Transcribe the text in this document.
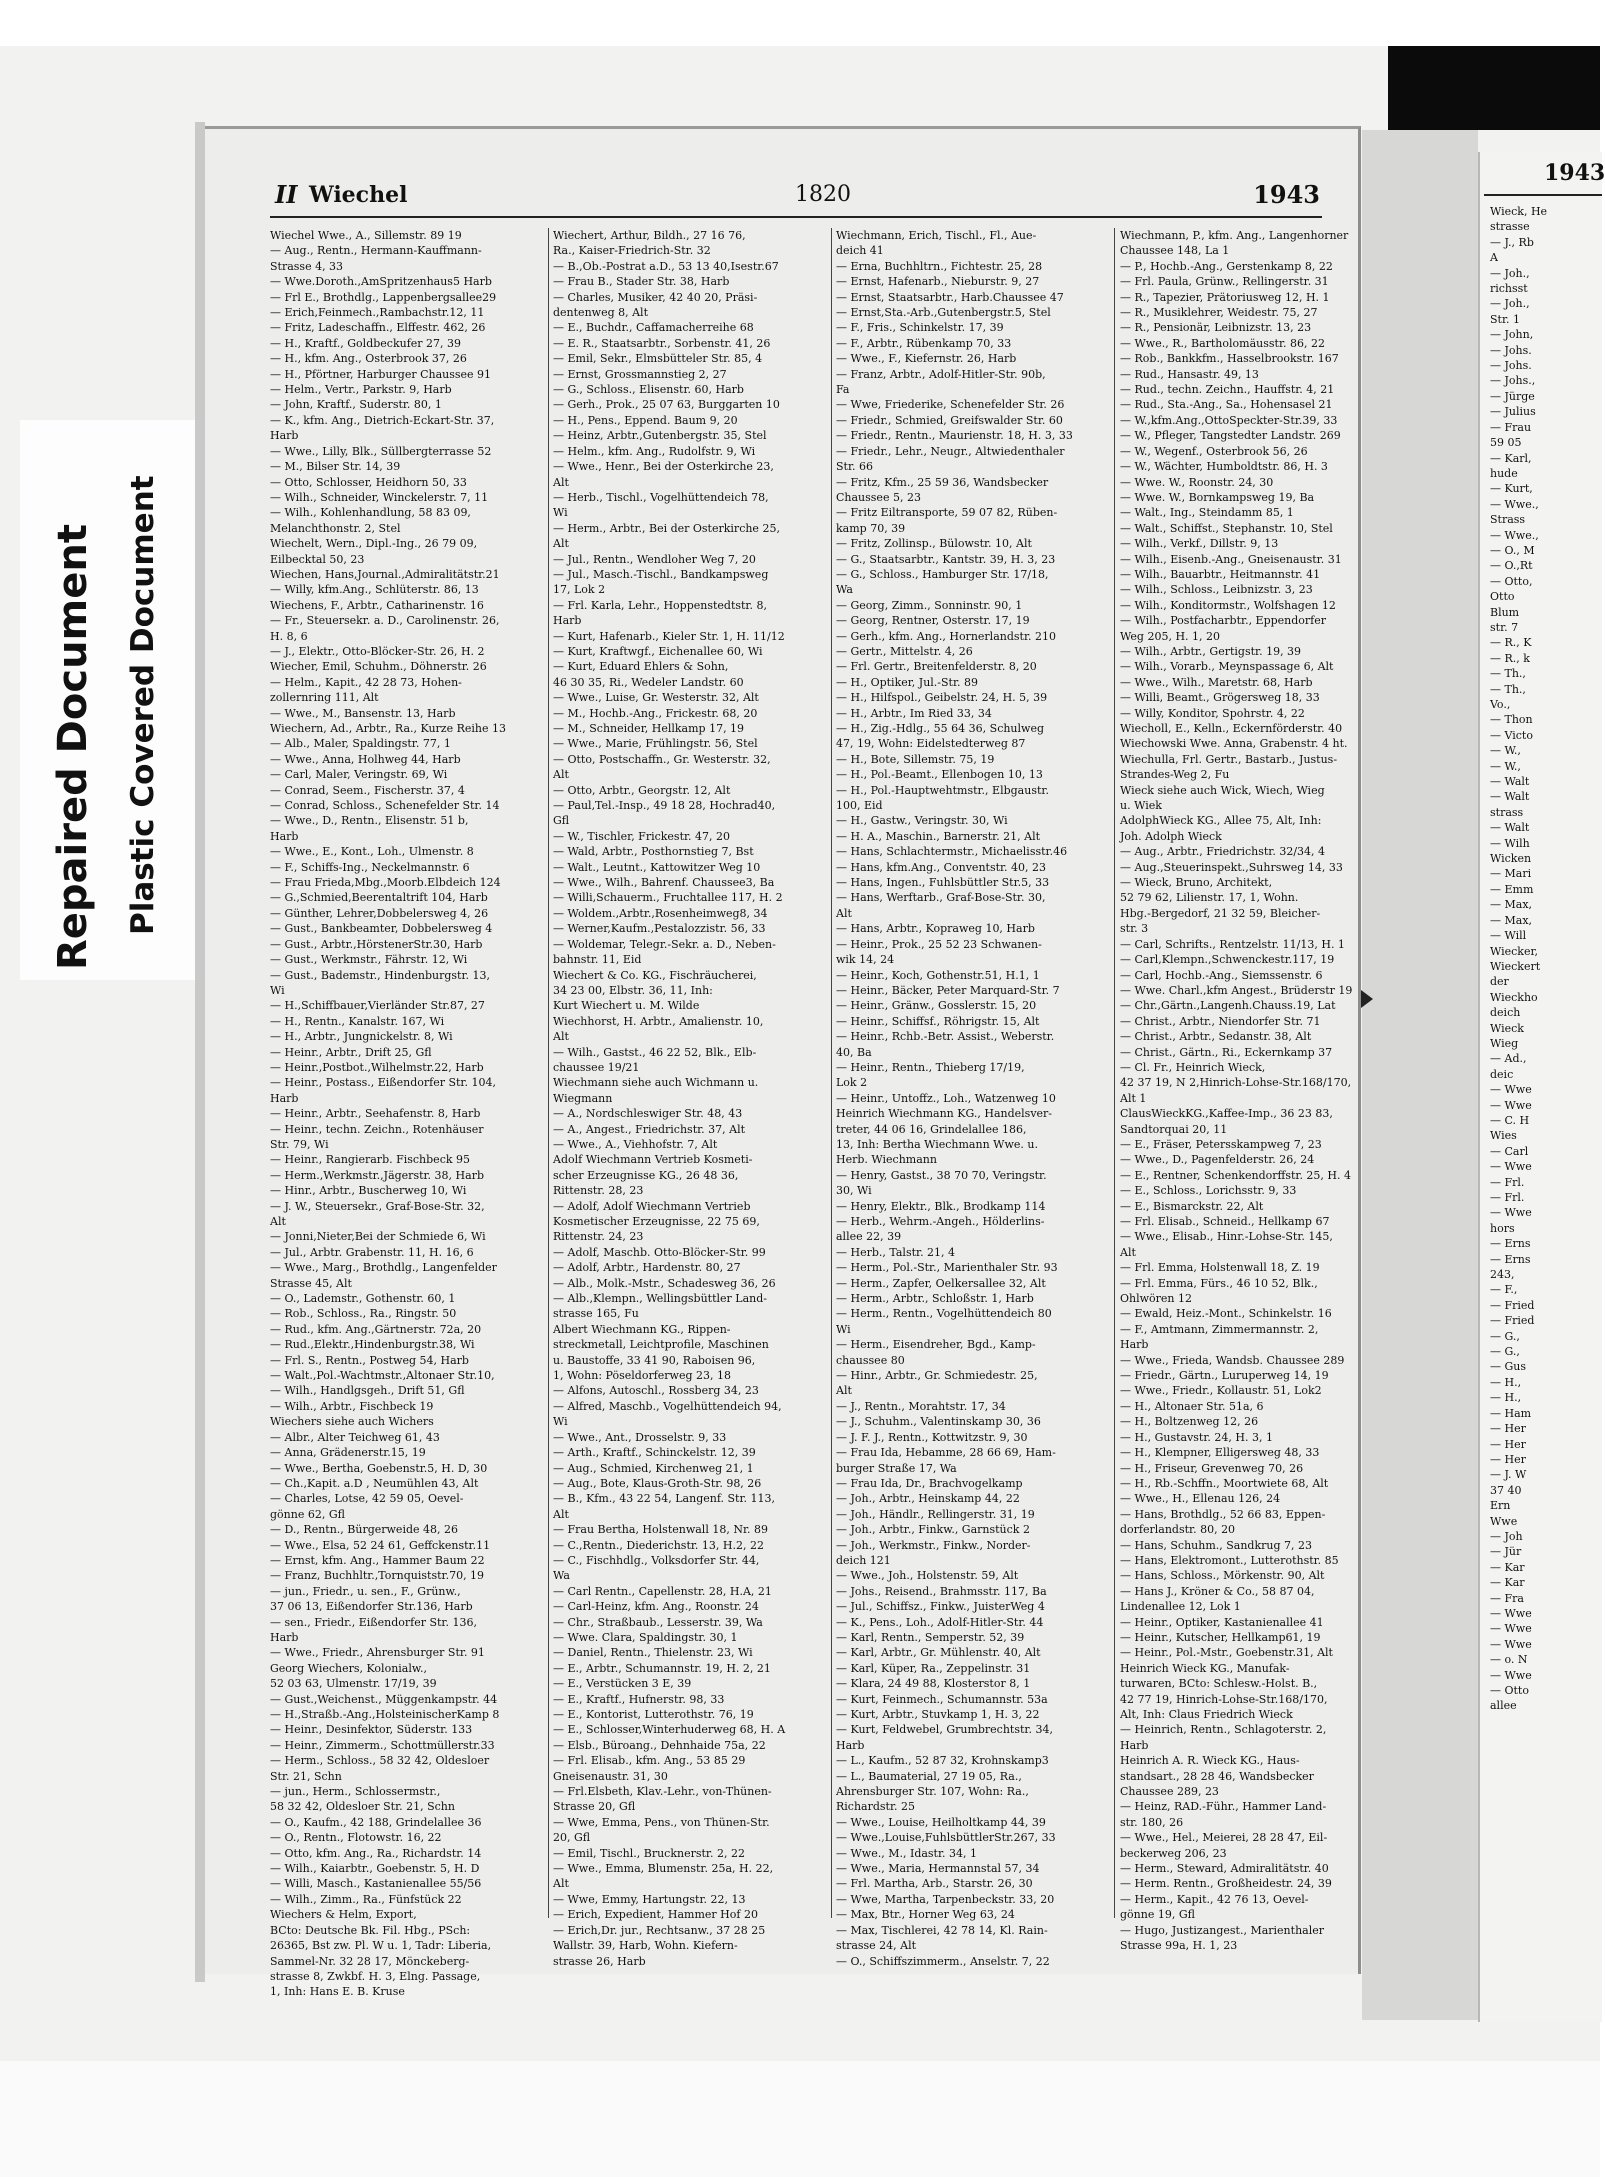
Repaired Document Plastic Covered Document
II Wiechel	1820	1943
Wiechel Wwe., A., Sillemstr. 89 19
— Aug., Rentn., Hermann-Kauffmann-
Strasse 4, 33
— Wwe.Doroth.,AmSpritzenhaus5 Harb
— Frl E., Brothdlg., Lappenbergsallee29
— Erich,Feinmech.,Rambachstr.12, 11
— Fritz, Ladeschaffn., Elffestr. 462, 26
— H., Kraftf., Goldbeckufer 27, 39
— H., kfm. Ang., Osterbrook 37, 26
— H., Pförtner, Harburger Chaussee 91
— Helm., Vertr., Parkstr. 9, Harb
— John, Kraftf., Suderstr. 80, 1
— K., kfm. Ang., Dietrich-Eckart-Str. 37,
Harb
— Wwe., Lilly, Blk., Süllbergterrasse 52
— M., Bilser Str. 14, 39
— Otto, Schlosser, Heidhorn 50, 33
— Wilh., Schneider, Winckelerstr. 7, 11
— Wilh., Kohlenhandlung, 58 83 09,
Melanchthonstr. 2, Stel
Wiechelt, Wern., Dipl.-Ing., 26 79 09,
Eilbecktal 50, 23
Wiechen, Hans,Journal.,Admiralitätstr.21
— Willy, kfm.Ang., Schlüterstr. 86, 13
Wiechens, F., Arbtr., Catharinenstr. 16
— Fr., Steuersekr. a. D., Carolinenstr. 26,
H. 8, 6
— J., Elektr., Otto-Blöcker-Str. 26, H. 2
Wiecher, Emil, Schuhm., Döhnerstr. 26
— Helm., Kapit., 42 28 73, Hohen-
zollernring 111, Alt
— Wwe., M., Bansenstr. 13, Harb
Wiechern, Ad., Arbtr., Ra., Kurze Reihe 13
— Alb., Maler, Spaldingstr. 77, 1
— Wwe., Anna, Holhweg 44, Harb
— Carl, Maler, Veringstr. 69, Wi
— Conrad, Seem., Fischerstr. 37, 4
— Conrad, Schloss., Schenefelder Str. 14
— Wwe., D., Rentn., Elisenstr. 51 b,
Harb
— Wwe., E., Kont., Loh., Ulmenstr. 8
— F., Schiffs-Ing., Neckelmannstr. 6
— Frau Frieda,Mbg.,Moorb.Elbdeich 124
— G.,Schmied,Beerentaltrift 104, Harb
— Günther, Lehrer,Dobbelersweg 4, 26
— Gust., Bankbeamter, Dobbelersweg 4
— Gust., Arbtr.,HörstenerStr.30, Harb
— Gust., Werkmstr., Fährstr. 12, Wi
— Gust., Bademstr., Hindenburgstr. 13,
Wi
— H.,Schiffbauer,Vierländer Str.87, 27
— H., Rentn., Kanalstr. 167, Wi
— H., Arbtr., Jungnickelstr. 8, Wi
— Heinr., Arbtr., Drift 25, Gfl
— Heinr.,Postbot.,Wilhelmstr.22, Harb
— Heinr., Postass., Eißendorfer Str. 104,
Harb
— Heinr., Arbtr., Seehafenstr. 8, Harb
— Heinr., techn. Zeichn., Rotenhäuser
Str. 79, Wi
— Heinr., Rangierarb. Fischbeck 95
— Herm.,Werkmstr.,Jägerstr. 38, Harb
— Hinr., Arbtr., Buscherweg 10, Wi
— J. W., Steuersekr., Graf-Bose-Str. 32,
Alt
— Jonni,Nieter,Bei der Schmiede 6, Wi
— Jul., Arbtr. Grabenstr. 11, H. 16, 6
— Wwe., Marg., Brothdlg., Langenfelder
Strasse 45, Alt
— O., Lademstr., Gothenstr. 60, 1
— Rob., Schloss., Ra., Ringstr. 50
— Rud., kfm. Ang.,Gärtnerstr. 72a, 20
— Rud.,Elektr.,Hindenburgstr.38, Wi
— Frl. S., Rentn., Postweg 54, Harb
— Walt.,Pol.-Wachtmstr.,Altonaer Str.10,
— Wilh., Handlgsgeh., Drift 51, Gfl
— Wilh., Arbtr., Fischbeck 19
Wiechers siehe auch Wichers
— Albr., Alter Teichweg 61, 43
— Anna, Grädenerstr.15, 19
— Wwe., Bertha, Goebenstr.5, H. D, 30
— Ch.,Kapit. a.D , Neumühlen 43, Alt
— Charles, Lotse, 42 59 05, Oevel-
gönne 62, Gfl
— D., Rentn., Bürgerweide 48, 26
— Wwe., Elsa, 52 24 61, Geffckenstr.11
— Ernst, kfm. Ang., Hammer Baum 22
— Franz, Buchhltr.,Tornquiststr.70, 19
— jun., Friedr., u. sen., F., Grünw.,
37 06 13, Eißendorfer Str.136, Harb
— sen., Friedr., Eißendorfer Str. 136,
Harb
— Wwe., Friedr., Ahrensburger Str. 91
Georg Wiechers, Kolonialw.,
52 03 63, Ulmenstr. 17/19, 39
— Gust.,Weichenst., Müggenkampstr. 44
— H.,Straßb.-Ang.,HolsteinischerKamp 8
— Heinr., Desinfektor, Süderstr. 133
— Heinr., Zimmerm., Schottmüllerstr.33
— Herm., Schloss., 58 32 42, Oldesloer
Str. 21, Schn
— jun., Herm., Schlossermstr.,
58 32 42, Oldesloer Str. 21, Schn
— O., Kaufm., 42 188, Grindelallee 36
— O., Rentn., Flotowstr. 16, 22
— Otto, kfm. Ang., Ra., Richardstr. 14
— Wilh., Kaiarbtr., Goebenstr. 5, H. D
— Willi, Masch., Kastanienallee 55/56
— Wilh., Zimm., Ra., Fünfstück 22
Wiechers & Helm, Export,
BCto: Deutsche Bk. Fil. Hbg., PSch:
26365, Bst zw. Pl. W u. 1, Tadr: Liberia,
Sammel-Nr. 32 28 17, Mönckeberg-
strasse 8, Zwkbf. H. 3, Elng. Passage,
1, Inh: Hans E. B. Kruse
Wiechert, Arthur, Bildh., 27 16 76,
Ra., Kaiser-Friedrich-Str. 32
— B.,Ob.-Postrat a.D., 53 13 40,Isestr.67
— Frau B., Stader Str. 38, Harb
— Charles, Musiker, 42 40 20, Präsi-
dentenweg 8, Alt
— E., Buchdr., Caffamacherreihe 68
— E. R., Staatsarbtr., Sorbenstr. 41, 26
— Emil, Sekr., Elmsbütteler Str. 85, 4
— Ernst, Grossmannstieg 2, 27
— G., Schloss., Elisenstr. 60, Harb
— Gerh., Prok., 25 07 63, Burggarten 10
— H., Pens., Eppend. Baum 9, 20
— Heinz, Arbtr.,Gutenbergstr. 35, Stel
— Helm., kfm. Ang., Rudolfstr. 9, Wi
— Wwe., Henr., Bei der Osterkirche 23,
Alt
— Herb., Tischl., Vogelhüttendeich 78,
Wi
— Herm., Arbtr., Bei der Osterkirche 25,
Alt
— Jul., Rentn., Wendloher Weg 7, 20
— Jul., Masch.-Tischl., Bandkampsweg
17, Lok 2
— Frl. Karla, Lehr., Hoppenstedtstr. 8,
Harb
— Kurt, Hafenarb., Kieler Str. 1, H. 11/12
— Kurt, Kraftwgf., Eichenallee 60, Wi
— Kurt, Eduard Ehlers & Sohn,
46 30 35, Ri., Wedeler Landstr. 60
— Wwe., Luise, Gr. Westerstr. 32, Alt
— M., Hochb.-Ang., Frickestr. 68, 20
— M., Schneider, Hellkamp 17, 19
— Wwe., Marie, Frühlingstr. 56, Stel
— Otto, Postschaffn., Gr. Westerstr. 32,
Alt
— Otto, Arbtr., Georgstr. 12, Alt
— Paul,Tel.-Insp., 49 18 28, Hochrad40,
Gfl
— W., Tischler, Frickestr. 47, 20
— Wald, Arbtr., Posthornstieg 7, Bst
— Walt., Leutnt., Kattowitzer Weg 10
— Wwe., Wilh., Bahrenf. Chaussee3, Ba
— Willi,Schauerm., Fruchtallee 117, H. 2
— Woldem.,Arbtr.,Rosenheimweg8, 34
— Werner,Kaufm.,Pestalozzistr. 56, 33
— Woldemar, Telegr.-Sekr. a. D., Neben-
bahnstr. 11, Eid
Wiechert & Co. KG., Fischräucherei,
34 23 00, Elbstr. 36, 11, Inh:
Kurt Wiechert u. M. Wilde
Wiechhorst, H. Arbtr., Amalienstr. 10,
Alt
— Wilh., Gastst., 46 22 52, Blk., Elb-
chaussee 19/21
Wiechmann siehe auch Wichmann u.
Wiegmann
— A., Nordschleswiger Str. 48, 43
— A., Angest., Friedrichstr. 37, Alt
— Wwe., A., Viehhofstr. 7, Alt
Adolf Wiechmann Vertrieb Kosmeti-
scher Erzeugnisse KG., 26 48 36,
Rittenstr. 28, 23
— Adolf, Adolf Wiechmann Vertrieb
Kosmetischer Erzeugnisse, 22 75 69,
Rittenstr. 24, 23
— Adolf, Maschb. Otto-Blöcker-Str. 99
— Adolf, Arbtr., Hardenstr. 80, 27
— Alb., Molk.-Mstr., Schadesweg 36, 26
— Alb.,Klempn., Wellingsbüttler Land-
strasse 165, Fu
Albert Wiechmann KG., Rippen-
streckmetall, Leichtprofile, Maschinen
u. Baustoffe, 33 41 90, Raboisen 96,
1, Wohn: Pöseldorferweg 23, 18
— Alfons, Autoschl., Rossberg 34, 23
— Alfred, Maschb., Vogelhüttendeich 94,
Wi
— Wwe., Ant., Drosselstr. 9, 33
— Arth., Kraftf., Schinckelstr. 12, 39
— Aug., Schmied, Kirchenweg 21, 1
— Aug., Bote, Klaus-Groth-Str. 98, 26
— B., Kfm., 43 22 54, Langenf. Str. 113,
Alt
— Frau Bertha, Holstenwall 18, Nr. 89
— C.,Rentn., Diederichstr. 13, H.2, 22
— C., Fischhdlg., Volksdorfer Str. 44,
Wa
— Carl Rentn., Capellenstr. 28, H.A, 21
— Carl-Heinz, kfm. Ang., Roonstr. 24
— Chr., Straßbaub., Lesserstr. 39, Wa
— Wwe. Clara, Spaldingstr. 30, 1
— Daniel, Rentn., Thielenstr. 23, Wi
— E., Arbtr., Schumannstr. 19, H. 2, 21
— E., Verstücken 3 E, 39
— E., Kraftf., Hufnerstr. 98, 33
— E., Kontorist, Lutterothstr. 76, 19
— E., Schlosser,Winterhuderweg 68, H. A
— Elsb., Büroang., Dehnhaide 75a, 22
— Frl. Elisab., kfm. Ang., 53 85 29
Gneisenaustr. 31, 30
— Frl.Elsbeth, Klav.-Lehr., von-Thünen-
Strasse 20, Gfl
— Wwe, Emma, Pens., von Thünen-Str.
20, Gfl
— Emil, Tischl., Brucknerstr. 2, 22
— Wwe., Emma, Blumenstr. 25a, H. 22,
Alt
— Wwe, Emmy, Hartungstr. 22, 13
— Erich, Expedient, Hammer Hof 20
— Erich,Dr. jur., Rechtsanw., 37 28 25
Wallstr. 39, Harb, Wohn. Kiefern-
strasse 26, Harb
Wiechmann, Erich, Tischl., Fl., Aue-
deich 41
— Erna, Buchhltrn., Fichtestr. 25, 28
— Ernst, Hafenarb., Nieburstr. 9, 27
— Ernst, Staatsarbtr., Harb.Chaussee 47
— Ernst,Sta.-Arb.,Gutenbergstr.5, Stel
— F., Fris., Schinkelstr. 17, 39
— F., Arbtr., Rübenkamp 70, 33
— Wwe., F., Kiefernstr. 26, Harb
— Franz, Arbtr., Adolf-Hitler-Str. 90b,
Fa
— Wwe, Friederike, Schenefelder Str. 26
— Friedr., Schmied, Greifswalder Str. 60
— Friedr., Rentn., Maurienstr. 18, H. 3, 33
— Friedr., Lehr., Neugr., Altwiedenthaler
Str. 66
— Fritz, Kfm., 25 59 36, Wandsbecker
Chaussee 5, 23
— Fritz Eiltransporte, 59 07 82, Rüben-
kamp 70, 39
— Fritz, Zollinsp., Bülowstr. 10, Alt
— G., Staatsarbtr., Kantstr. 39, H. 3, 23
— G., Schloss., Hamburger Str. 17/18,
Wa
— Georg, Zimm., Sonninstr. 90, 1
— Georg, Rentner, Osterstr. 17, 19
— Gerh., kfm. Ang., Hornerlandstr. 210
— Gertr., Mittelstr. 4, 26
— Frl. Gertr., Breitenfelderstr. 8, 20
— H., Optiker, Jul.-Str. 89
— H., Hilfspol., Geibelstr. 24, H. 5, 39
— H., Arbtr., Im Ried 33, 34
— H., Zig.-Hdlg., 55 64 36, Schulweg
47, 19, Wohn: Eidelstedterweg 87
— H., Bote, Sillemstr. 75, 19
— H., Pol.-Beamt., Ellenbogen 10, 13
— H., Pol.-Hauptwehtmstr., Elbgaustr.
100, Eid
— H., Gastw., Veringstr. 30, Wi
— H. A., Maschin., Barnerstr. 21, Alt
— Hans, Schlachtermstr., Michaelisstr.46
— Hans, kfm.Ang., Conventstr. 40, 23
— Hans, Ingen., Fuhlsbüttler Str.5, 33
— Hans, Werftarb., Graf-Bose-Str. 30,
Alt
— Hans, Arbtr., Kopraweg 10, Harb
— Heinr., Prok., 25 52 23 Schwanen-
wik 14, 24
— Heinr., Koch, Gothenstr.51, H.1, 1
— Heinr., Bäcker, Peter Marquard-Str. 7
— Heinr., Gränw., Gosslerstr. 15, 20
— Heinr., Schiffsf., Röhrigstr. 15, Alt
— Heinr., Rchb.-Betr. Assist., Weberstr.
40, Ba
— Heinr., Rentn., Thieberg 17/19,
Lok 2
— Heinr., Untoffz., Loh., Watzenweg 10
Heinrich Wiechmann KG., Handelsver-
treter, 44 06 16, Grindelallee 186,
13, Inh: Bertha Wiechmann Wwe. u.
Herb. Wiechmann
— Henry, Gastst., 38 70 70, Veringstr.
30, Wi
— Henry, Elektr., Blk., Brodkamp 114
— Herb., Wehrm.-Angeh., Hölderlins-
allee 22, 39
— Herb., Talstr. 21, 4
— Herm., Pol.-Str., Marienthaler Str. 93
— Herm., Zapfer, Oelkersallee 32, Alt
— Herm., Arbtr., Schloßstr. 1, Harb
— Herm., Rentn., Vogelhüttendeich 80
Wi
— Herm., Eisendreher, Bgd., Kamp-
chaussee 80
— Hinr., Arbtr., Gr. Schmiedestr. 25,
Alt
— J., Rentn., Morahtstr. 17, 34
— J., Schuhm., Valentinskamp 30, 36
— J. F. J., Rentn., Kottwitzstr. 9, 30
— Frau Ida, Hebamme, 28 66 69, Ham-
burger Straße 17, Wa
— Frau Ida, Dr., Brachvogelkamp
— Joh., Arbtr., Heinskamp 44, 22
— Joh., Händlr., Rellingerstr. 31, 19
— Joh., Arbtr., Finkw., Garnstück 2
— Joh., Werkmstr., Finkw., Norder-
deich 121
— Wwe., Joh., Holstenstr. 59, Alt
— Johs., Reisend., Brahmsstr. 117, Ba
— Jul., Schiffsz., Finkw., JuisterWeg 4
— K., Pens., Loh., Adolf-Hitler-Str. 44
— Karl, Rentn., Semperstr. 52, 39
— Karl, Arbtr., Gr. Mühlenstr. 40, Alt
— Karl, Küper, Ra., Zeppelinstr. 31
— Klara, 24 49 88, Klosterstor 8, 1
— Kurt, Feinmech., Schumannstr. 53a
— Kurt, Arbtr., Stuvkamp 1, H. 3, 22
— Kurt, Feldwebel, Grumbrechtstr. 34,
Harb
— L., Kaufm., 52 87 32, Krohnskamp3
— L., Baumaterial, 27 19 05, Ra.,
Ahrensburger Str. 107, Wohn: Ra.,
Richardstr. 25
— Wwe., Louise, Heilholtkamp 44, 39
— Wwe.,Louise,FuhlsbüttlerStr.267, 33
— Wwe., M., Idastr. 34, 1
— Wwe., Maria, Hermannstal 57, 34
— Frl. Martha, Arb., Starstr. 26, 30
— Wwe, Martha, Tarpenbeckstr. 33, 20
— Max, Btr., Horner Weg 63, 24
— Max, Tischlerei, 42 78 14, Kl. Rain-
strasse 24, Alt
— O., Schiffszimmerm., Anselstr. 7, 22
Wiechmann, P., kfm. Ang., Langenhorner
Chaussee 148, La 1
— P., Hochb.-Ang., Gerstenkamp 8, 22
— Frl. Paula, Grünw., Rellingerstr. 31
— R., Tapezier, Prätoriusweg 12, H. 1
— R., Musiklehrer, Weidestr. 75, 27
— R., Pensionär, Leibnizstr. 13, 23
— Wwe., R., Bartholomäusstr. 86, 22
— Rob., Bankkfm., Hasselbrookstr. 167
— Rud., Hansastr. 49, 13
— Rud., techn. Zeichn., Hauffstr. 4, 21
— Rud., Sta.-Ang., Sa., Hohensasel 21
— W.,kfm.Ang.,OttoSpeckter-Str.39, 33
— W., Pfleger, Tangstedter Landstr. 269
— W., Wegenf., Osterbrook 56, 26
— W., Wächter, Humboldtstr. 86, H. 3
— Wwe. W., Roonstr. 24, 30
— Wwe. W., Bornkampsweg 19, Ba
— Walt., Ing., Steindamm 85, 1
— Walt., Schiffst., Stephanstr. 10, Stel
— Wilh., Verkf., Dillstr. 9, 13
— Wilh., Eisenb.-Ang., Gneisenaustr. 31
— Wilh., Bauarbtr., Heitmannstr. 41
— Wilh., Schloss., Leibnizstr. 3, 23
— Wilh., Konditormstr., Wolfshagen 12
— Wilh., Postfacharbtr., Eppendorfer
Weg 205, H. 1, 20
— Wilh., Arbtr., Gertigstr. 19, 39
— Wilh., Vorarb., Meynspassage 6, Alt
— Wwe., Wilh., Maretstr. 68, Harb
— Willi, Beamt., Grögersweg 18, 33
— Willy, Konditor, Spohrstr. 4, 22
Wiecholl, E., Kelln., Eckernförderstr. 40
Wiechowski Wwe. Anna, Grabenstr. 4 ht.
Wiechulla, Frl. Gertr., Bastarb., Justus-
Strandes-Weg 2, Fu
Wieck siehe auch Wick, Wiech, Wieg
u. Wiek
AdolphWieck KG., Allee 75, Alt, Inh:
Joh. Adolph Wieck
— Aug., Arbtr., Friedrichstr. 32/34, 4
— Aug.,Steuerinspekt.,Suhrsweg 14, 33
— Wieck, Bruno, Architekt,
52 79 62, Lilienstr. 17, 1, Wohn.
Hbg.-Bergedorf, 21 32 59, Bleicher-
str. 3
— Carl, Schrifts., Rentzelstr. 11/13, H. 1
— Carl,Klempn.,Schwenckestr.117, 19
— Carl, Hochb.-Ang., Siemssenstr. 6
— Wwe. Charl.,kfm Angest., Brüderstr 19
— Chr.,Gärtn.,Langenh.Chauss.19, Lat
— Christ., Arbtr., Niendorfer Str. 71
— Christ., Arbtr., Sedanstr. 38, Alt
— Christ., Gärtn., Ri., Eckernkamp 37
— Cl. Fr., Heinrich Wieck,
42 37 19, N 2,Hinrich-Lohse-Str.168/170,
Alt 1
ClausWieckKG.,Kaffee-Imp., 36 23 83,
Sandtorquai 20, 11
— E., Fräser, Petersskampweg 7, 23
— Wwe., D., Pagenfelderstr. 26, 24
— E., Rentner, Schenkendorffstr. 25, H. 4
— E., Schloss., Lorichsstr. 9, 33
— E., Bismarckstr. 22, Alt
— Frl. Elisab., Schneid., Hellkamp 67
— Wwe., Elisab., Hinr.-Lohse-Str. 145,
Alt
— Frl. Emma, Holstenwall 18, Z. 19
— Frl. Emma, Fürs., 46 10 52, Blk.,
Ohlwören 12
— Ewald, Heiz.-Mont., Schinkelstr. 16
— F., Amtmann, Zimmermannstr. 2,
Harb
— Wwe., Frieda, Wandsb. Chaussee 289
— Friedr., Gärtn., Luruperweg 14, 19
— Wwe., Friedr., Kollaustr. 51, Lok2
— H., Altonaer Str. 51a, 6
— H., Boltzenweg 12, 26
— H., Gustavstr. 24, H. 3, 1
— H., Klempner, Elligersweg 48, 33
— H., Friseur, Grevenweg 70, 26
— H., Rb.-Schffn., Moortwiete 68, Alt
— Wwe., H., Ellenau 126, 24
— Hans, Brothdlg., 52 66 83, Eppen-
dorferlandstr. 80, 20
— Hans, Schuhm., Sandkrug 7, 23
— Hans, Elektromont., Lutterothstr. 85
— Hans, Schloss., Mörkenstr. 90, Alt
— Hans J., Kröner & Co., 58 87 04,
Lindenallee 12, Lok 1
— Heinr., Optiker, Kastanienallee 41
— Heinr., Kutscher, Hellkamp61, 19
— Heinr., Pol.-Mstr., Goebenstr.31, Alt
Heinrich Wieck KG., Manufak-
turwaren, BCto: Schlesw.-Holst. B.,
42 77 19, Hinrich-Lohse-Str.168/170,
Alt, Inh: Claus Friedrich Wieck
— Heinrich, Rentn., Schlagoterstr. 2,
Harb
Heinrich A. R. Wieck KG., Haus-
standsart., 28 28 46, Wandsbecker
Chaussee 289, 23
— Heinz, RAD.-Führ., Hammer Land-
str. 180, 26
— Wwe., Hel., Meierei, 28 28 47, Eil-
beckerweg 206, 23
— Herm., Steward, Admiralitätstr. 40
— Herm. Rentn., Großheidestr. 24, 39
— Herm., Kapit., 42 76 13, Oevel-
gönne 19, Gfl
— Hugo, Justizangest., Marienthaler
Strasse 99a, H. 1, 23
1943
Wieck, He
strasse
— J., Rb
A
— Joh.,
richsst
— Joh.,
Str. 1
— John,
— Johs.
— Johs.
— Johs.,
— Jürge
— Julius
— Frau
59 05
— Karl,
hude
— Kurt,
— Wwe.,
Strass
— Wwe.,
— O., M
— O.,Rt
— Otto,
Otto
Blum
str. 7
— R., K
— R., k
— Th.,
— Th.,
Vo.,
— Thon
— Victo
— W.,
— W.,
— Walt
— Walt
strass
— Walt
— Wilh
Wicken
— Mari
— Emm
— Max,
— Max,
— Will
Wiecker,
Wieckert
der
Wieckho
deich
Wieck
Wieg
— Ad.,
deic
— Wwe
— Wwe
— C. H
Wies
— Carl
— Wwe
— Frl.
— Frl.
— Wwe
hors
— Erns
— Erns
243,
— F.,
— Fried
— Fried
— G.,
— G.,
— Gus
— H.,
— H.,
— Ham
— Her
— Her
— Her
— J. W
37 40
Ern
Wwe
— Joh
— Jür
— Kar
— Kar
— Fra
— Wwe
— Wwe
— Wwe
— o. N
— Wwe
— Otto
allee
